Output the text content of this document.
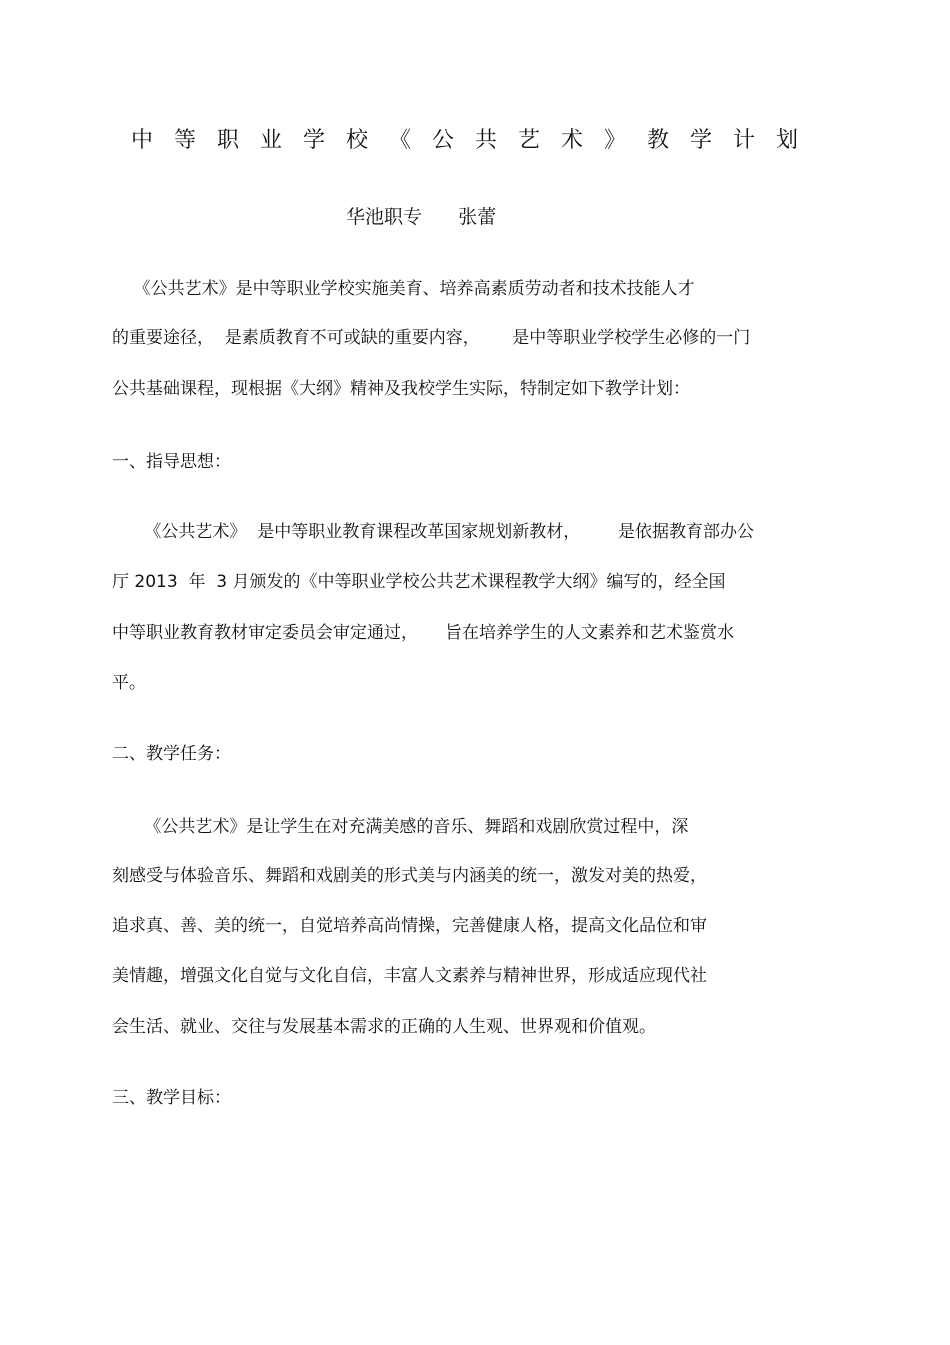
中等职业学校《公共艺术》教学计划
华池职专      张蕾
《公共艺术》是中等职业学校实施美育、培养高素质劳动者和技术技能人才
的重要途径，  是素质教育不可或缺的重要内容，      是中等职业学校学生必修的一门
公共基础课程，现根据《大纲》精神及我校学生实际，特制定如下教学计划：
一、指导思想：
《公共艺术》  是中等职业教育课程改革国家规划新教材，       是依据教育部办公
厅 2013  年  3 月颁发的《中等职业学校公共艺术课程教学大纲》编写的，经全国
中等职业教育教材审定委员会审定通过，     旨在培养学生的人文素养和艺术鉴赏水
平。
二、教学任务：
《公共艺术》是让学生在对充满美感的音乐、舞蹈和戏剧欣赏过程中，深
刻感受与体验音乐、舞蹈和戏剧美的形式美与内涵美的统一，激发对美的热爱，
追求真、善、美的统一，自觉培养高尚情操，完善健康人格，提高文化品位和审
美情趣，增强文化自觉与文化自信，丰富人文素养与精神世界，形成适应现代社
会生活、就业、交往与发展基本需求的正确的人生观、世界观和价值观。
三、教学目标：
